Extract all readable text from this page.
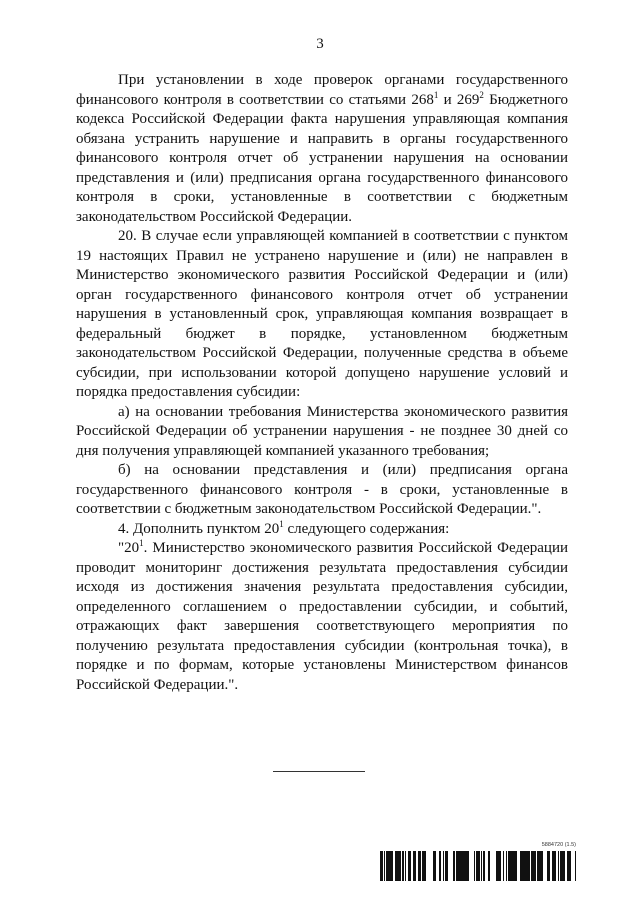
3

При установлении в ходе проверок органами государственного финансового контроля в соответствии со статьями $268^1$ и $269^2$ Бюджетного кодекса Российской Федерации факта нарушения управляющая компания обязана устранить нарушение и направить в органы государственного финансового контроля отчет об устранении нарушения на основании представления и (или) предписания органа государственного финансового контроля в сроки, установленные в соответствии с бюджетным законодательством Российской Федерации.

20. В случае если управляющей компанией в соответствии с пунктом 19 настоящих Правил не устранено нарушение и (или) не направлен в Министерство экономического развития Российской Федерации и (или) орган государственного финансового контроля отчет об устранении нарушения в установленный срок, управляющая компания возвращает в федеральный бюджет в порядке, установленном бюджетным законодательством Российской Федерации, полученные средства в объеме субсидии, при использовании которой допущено нарушение условий и порядка предоставления субсидии:

а) на основании требования Министерства экономического развития Российской Федерации об устранении нарушения - не позднее 30 дней со дня получения управляющей компанией указанного требования;

б) на основании представления и (или) предписания органа государственного финансового контроля - в сроки, установленные в соответствии с бюджетным законодательством Российской Федерации.".

4. Дополнить пунктом $20^1$ следующего содержания:

"$20^1$. Министерство экономического развития Российской Федерации проводит мониторинг достижения результата предоставления субсидии исходя из достижения значения результата предоставления субсидии, определенного соглашением о предоставлении субсидии, и событий, отражающих факт завершения соответствующего мероприятия по получению результата предоставления субсидии (контрольная точка), в порядке и по формам, которые установлены Министерством финансов Российской Федерации.".

5884720 (1.5)
